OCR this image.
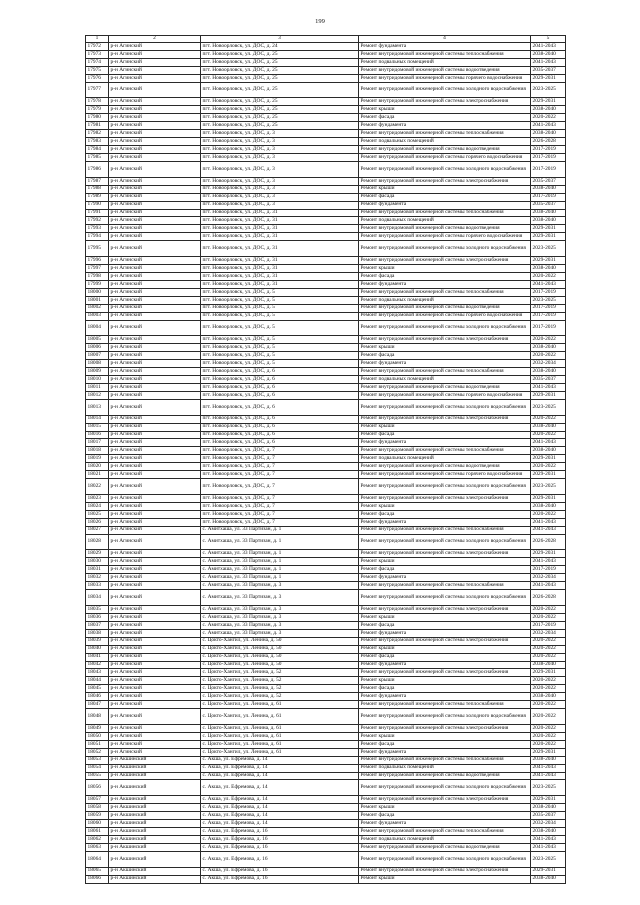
199
1	2	3	4	5
17972	р-н Агинский	пгт. Новоорловск, ул. ДОС, д. 24	Ремонт фундамента	2041-2043
17973	р-н Агинский	пгт. Новоорловск, ул. ДОС, д. 25	Ремонт внутридомовой инженерной системы теплоснабжения	2038-2040
17974	р-н Агинский	пгт. Новоорловск, ул. ДОС, д. 25	Ремонт подвальных помещений	2041-2043
17975	р-н Агинский	пгт. Новоорловск, ул. ДОС, д. 25	Ремонт внутридомовой инженерной системы водоотведения	2035-2037
17976	р-н Агинский	пгт. Новоорловск, ул. ДОС, д. 25	Ремонт внутридомовой инженерной системы горячего водоснабжения	2029-2031
17977	р-н Агинский	пгт. Новоорловск, ул. ДОС, д. 25	Ремонт внутридомовой инженерной системы холодного водоснабжения	2023-2025
17978	р-н Агинский	пгт. Новоорловск, ул. ДОС, д. 25	Ремонт внутридомовой инженерной системы электроснабжения	2029-2031
17979	р-н Агинский	пгт. Новоорловск, ул. ДОС, д. 25	Ремонт крыши	2038-2040
17980	р-н Агинский	пгт. Новоорловск, ул. ДОС, д. 25	Ремонт фасада	2020-2022
17981	р-н Агинский	пгт. Новоорловск, ул. ДОС, д. 25	Ремонт фундамента	2041-2043
17982	р-н Агинский	пгт. Новоорловск, ул. ДОС, д. 3	Ремонт внутридомовой инженерной системы теплоснабжения	2038-2040
17983	р-н Агинский	пгт. Новоорловск, ул. ДОС, д. 3	Ремонт подвальных помещений	2026-2028
17984	р-н Агинский	пгт. Новоорловск, ул. ДОС, д. 3	Ремонт внутридомовой инженерной системы водоотведения	2017-2019
17985	р-н Агинский	пгт. Новоорловск, ул. ДОС, д. 3	Ремонт внутридомовой инженерной системы горячего водоснабжения	2017-2019
17986	р-н Агинский	пгт. Новоорловск, ул. ДОС, д. 3	Ремонт внутридомовой инженерной системы холодного водоснабжения	2017-2019
17987	р-н Агинский	пгт. Новоорловск, ул. ДОС, д. 3	Ремонт внутридомовой инженерной системы электроснабжения	2035-2037
17988	р-н Агинский	пгт. Новоорловск, ул. ДОС, д. 3	Ремонт крыши	2038-2040
17989	р-н Агинский	пгт. Новоорловск, ул. ДОС, д. 3	Ремонт фасада	2017-2019
17990	р-н Агинский	пгт. Новоорловск, ул. ДОС, д. 3	Ремонт фундамента	2035-2037
17991	р-н Агинский	пгт. Новоорловск, ул. ДОС, д. 31	Ремонт внутридомовой инженерной системы теплоснабжения	2038-2040
17992	р-н Агинский	пгт. Новоорловск, ул. ДОС, д. 31	Ремонт подвальных помещений	2038-2040
17993	р-н Агинский	пгт. Новоорловск, ул. ДОС, д. 31	Ремонт внутридомовой инженерной системы водоотведения	2029-2031
17994	р-н Агинский	пгт. Новоорловск, ул. ДОС, д. 31	Ремонт внутридомовой инженерной системы горячего водоснабжения	2029-2031
17995	р-н Агинский	пгт. Новоорловск, ул. ДОС, д. 31	Ремонт внутридомовой инженерной системы холодного водоснабжения	2023-2025
17996	р-н Агинский	пгт. Новоорловск, ул. ДОС, д. 31	Ремонт внутридомовой инженерной системы электроснабжения	2029-2031
17997	р-н Агинский	пгт. Новоорловск, ул. ДОС, д. 31	Ремонт крыши	2038-2040
17998	р-н Агинский	пгт. Новоорловск, ул. ДОС, д. 31	Ремонт фасада	2020-2022
17999	р-н Агинский	пгт. Новоорловск, ул. ДОС, д. 31	Ремонт фундамента	2041-2043
18000	р-н Агинский	пгт. Новоорловск, ул. ДОС, д. 5	Ремонт внутридомовой инженерной системы теплоснабжения	2017-2019
18001	р-н Агинский	пгт. Новоорловск, ул. ДОС, д. 5	Ремонт подвальных помещений	2023-2025
18002	р-н Агинский	пгт. Новоорловск, ул. ДОС, д. 5	Ремонт внутридомовой инженерной системы водоотведения	2017-2019
18003	р-н Агинский	пгт. Новоорловск, ул. ДОС, д. 5	Ремонт внутридомовой инженерной системы горячего водоснабжения	2017-2019
18004	р-н Агинский	пгт. Новоорловск, ул. ДОС, д. 5	Ремонт внутридомовой инженерной системы холодного водоснабжения	2017-2019
18005	р-н Агинский	пгт. Новоорловск, ул. ДОС, д. 5	Ремонт внутридомовой инженерной системы электроснабжения	2020-2022
18006	р-н Агинский	пгт. Новоорловск, ул. ДОС, д. 5	Ремонт крыши	2038-2040
18007	р-н Агинский	пгт. Новоорловск, ул. ДОС, д. 5	Ремонт фасада	2020-2022
18008	р-н Агинский	пгт. Новоорловск, ул. ДОС, д. 5	Ремонт фундамента	2032-2034
18009	р-н Агинский	пгт. Новоорловск, ул. ДОС, д. 6	Ремонт внутридомовой инженерной системы теплоснабжения	2038-2040
18010	р-н Агинский	пгт. Новоорловск, ул. ДОС, д. 6	Ремонт подвальных помещений	2035-2037
18011	р-н Агинский	пгт. Новоорловск, ул. ДОС, д. 6	Ремонт внутридомовой инженерной системы водоотведения	2041-2043
18012	р-н Агинский	пгт. Новоорловск, ул. ДОС, д. 6	Ремонт внутридомовой инженерной системы горячего водоснабжения	2029-2031
18013	р-н Агинский	пгт. Новоорловск, ул. ДОС, д. 6	Ремонт внутридомовой инженерной системы холодного водоснабжения	2023-2025
18014	р-н Агинский	пгт. Новоорловск, ул. ДОС, д. 6	Ремонт внутридомовой инженерной системы электроснабжения	2020-2022
18015	р-н Агинский	пгт. Новоорловск, ул. ДОС, д. 6	Ремонт крыши	2038-2040
18016	р-н Агинский	пгт. Новоорловск, ул. ДОС, д. 6	Ремонт фасада	2020-2022
18017	р-н Агинский	пгт. Новоорловск, ул. ДОС, д. 6	Ремонт фундамента	2041-2043
18018	р-н Агинский	пгт. Новоорловск, ул. ДОС, д. 7	Ремонт внутридомовой инженерной системы теплоснабжения	2038-2040
18019	р-н Агинский	пгт. Новоорловск, ул. ДОС, д. 7	Ремонт подвальных помещений	2029-2031
18020	р-н Агинский	пгт. Новоорловск, ул. ДОС, д. 7	Ремонт внутридомовой инженерной системы водоотведения	2020-2022
18021	р-н Агинский	пгт. Новоорловск, ул. ДОС, д. 7	Ремонт внутридомовой инженерной системы горячего водоснабжения	2029-2031
18022	р-н Агинский	пгт. Новоорловск, ул. ДОС, д. 7	Ремонт внутридомовой инженерной системы холодного водоснабжения	2023-2025
18023	р-н Агинский	пгт. Новоорловск, ул. ДОС, д. 7	Ремонт внутридомовой инженерной системы электроснабжения	2029-2031
18024	р-н Агинский	пгт. Новоорловск, ул. ДОС, д. 7	Ремонт крыши	2038-2040
18025	р-н Агинский	пгт. Новоорловск, ул. ДОС, д. 7	Ремонт фасада	2020-2022
18026	р-н Агинский	пгт. Новоорловск, ул. ДОС, д. 7	Ремонт фундамента	2041-2043
18027	р-н Агинский	с. Амитхаша, ул. 33 Партизан, д. 1	Ремонт внутридомовой инженерной системы теплоснабжения	2041-2043
18028	р-н Агинский	с. Амитхаша, ул. 33 Партизан, д. 1	Ремонт внутридомовой инженерной системы холодного водоснабжения	2026-2028
18029	р-н Агинский	с. Амитхаша, ул. 33 Партизан, д. 1	Ремонт внутридомовой инженерной системы электроснабжения	2029-2031
18030	р-н Агинский	с. Амитхаша, ул. 33 Партизан, д. 1	Ремонт крыши	2041-2043
18031	р-н Агинский	с. Амитхаша, ул. 33 Партизан, д. 1	Ремонт фасада	2017-2019
18032	р-н Агинский	с. Амитхаша, ул. 33 Партизан, д. 1	Ремонт фундамента	2032-2034
18033	р-н Агинский	с. Амитхаша, ул. 33 Партизан, д. 3	Ремонт внутридомовой инженерной системы теплоснабжения	2041-2043
18034	р-н Агинский	с. Амитхаша, ул. 33 Партизан, д. 3	Ремонт внутридомовой инженерной системы холодного водоснабжения	2026-2028
18035	р-н Агинский	с. Амитхаша, ул. 33 Партизан, д. 3	Ремонт внутридомовой инженерной системы электроснабжения	2020-2022
18036	р-н Агинский	с. Амитхаша, ул. 33 Партизан, д. 3	Ремонт крыши	2020-2022
18037	р-н Агинский	с. Амитхаша, ул. 33 Партизан, д. 3	Ремонт фасада	2017-2019
18038	р-н Агинский	с. Амитхаша, ул. 33 Партизан, д. 3	Ремонт фундамента	2032-2034
18039	р-н Агинский	с. Цокто-Хангил, ул. Ленина, д. 50	Ремонт внутридомовой инженерной системы электроснабжения	2020-2022
18040	р-н Агинский	с. Цокто-Хангил, ул. Ленина, д. 50	Ремонт крыши	2020-2022
18041	р-н Агинский	с. Цокто-Хангил, ул. Ленина, д. 50	Ремонт фасада	2020-2022
18042	р-н Агинский	с. Цокто-Хангил, ул. Ленина, д. 50	Ремонт фундамента	2038-2040
18043	р-н Агинский	с. Цокто-Хангил, ул. Ленина, д. 52	Ремонт внутридомовой инженерной системы электроснабжения	2029-2031
18044	р-н Агинский	с. Цокто-Хангил, ул. Ленина, д. 52	Ремонт крыши	2020-2022
18045	р-н Агинский	с. Цокто-Хангил, ул. Ленина, д. 52	Ремонт фасада	2020-2022
18046	р-н Агинский	с. Цокто-Хангил, ул. Ленина, д. 52	Ремонт фундамента	2038-2040
18047	р-н Агинский	с. Цокто-Хангил, ул. Ленина, д. 61	Ремонт внутридомовой инженерной системы теплоснабжения	2020-2022
18048	р-н Агинский	с. Цокто-Хангил, ул. Ленина, д. 61	Ремонт внутридомовой инженерной системы холодного водоснабжения	2020-2022
18049	р-н Агинский	с. Цокто-Хангил, ул. Ленина, д. 61	Ремонт внутридомовой инженерной системы электроснабжения	2020-2022
18050	р-н Агинский	с. Цокто-Хангил, ул. Ленина, д. 61	Ремонт крыши	2020-2022
18051	р-н Агинский	с. Цокто-Хангил, ул. Ленина, д. 61	Ремонт фасада	2020-2022
18052	р-н Агинский	с. Цокто-Хангил, ул. Ленина, д. 61	Ремонт фундамента	2029-2031
18053	р-н Акшинский	с. Акша, ул. Ефремова, д. 14	Ремонт внутридомовой инженерной системы теплоснабжения	2038-2040
18054	р-н Акшинский	с. Акша, ул. Ефремова, д. 14	Ремонт подвальных помещений	2041-2043
18055	р-н Акшинский	с. Акша, ул. Ефремова, д. 14	Ремонт внутридомовой инженерной системы водоотведения	2041-2043
18056	р-н Акшинский	с. Акша, ул. Ефремова, д. 14	Ремонт внутридомовой инженерной системы холодного водоснабжения	2023-2025
18057	р-н Акшинский	с. Акша, ул. Ефремова, д. 14	Ремонт внутридомовой инженерной системы электроснабжения	2029-2031
18058	р-н Акшинский	с. Акша, ул. Ефремова, д. 14	Ремонт крыши	2038-2040
18059	р-н Акшинский	с. Акша, ул. Ефремова, д. 14	Ремонт фасада	2035-2037
18060	р-н Акшинский	с. Акша, ул. Ефремова, д. 14	Ремонт фундамента	2032-2034
18061	р-н Акшинский	с. Акша, ул. Ефремова, д. 16	Ремонт внутридомовой инженерной системы теплоснабжения	2038-2040
18062	р-н Акшинский	с. Акша, ул. Ефремова, д. 16	Ремонт подвальных помещений	2041-2043
18063	р-н Акшинский	с. Акша, ул. Ефремова, д. 16	Ремонт внутридомовой инженерной системы водоотведения	2041-2043
18064	р-н Акшинский	с. Акша, ул. Ефремова, д. 16	Ремонт внутридомовой инженерной системы холодного водоснабжения	2023-2025
18065	р-н Акшинский	с. Акша, ул. Ефремова, д. 16	Ремонт внутридомовой инженерной системы электроснабжения	2029-2031
18066	р-н Акшинский	с. Акша, ул. Ефремова, д. 16	Ремонт крыши	2038-2040
